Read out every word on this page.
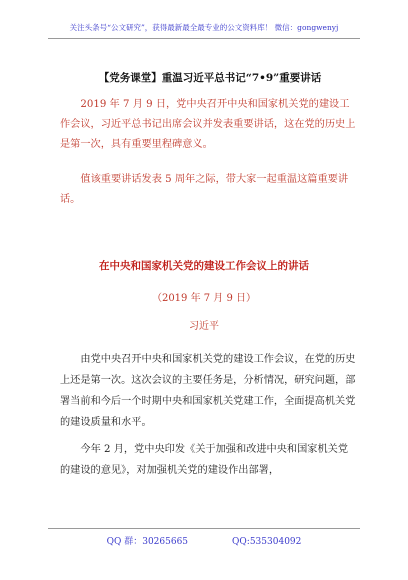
关注头条号“公文研究”，获得最新最全最专业的公文资料库！ 微信：gongwenyj
【党务课堂】重温习近平总书记“7•9”重要讲话

2019 年 7 月 9 日，党中央召开中央和国家机关党的建设工作会议，习近平总书记出席会议并发表重要讲话，这在党的历史上是第一次，具有重要里程碑意义。

值该重要讲话发表 5 周年之际，带大家一起重温这篇重要讲话。

在中央和国家机关党的建设工作会议上的讲话
（2019 年 7 月 9 日）
习近平

由党中央召开中央和国家机关党的建设工作会议，在党的历史上还是第一次。这次会议的主要任务是，分析情况，研究问题，部署当前和今后一个时期中央和国家机关党建工作，全面提高机关党的建设质量和水平。

今年 2 月，党中央印发《关于加强和改进中央和国家机关党的建设的意见》，对加强机关党的建设作出部署，

QQ 群：30265665	QQ:535304092
